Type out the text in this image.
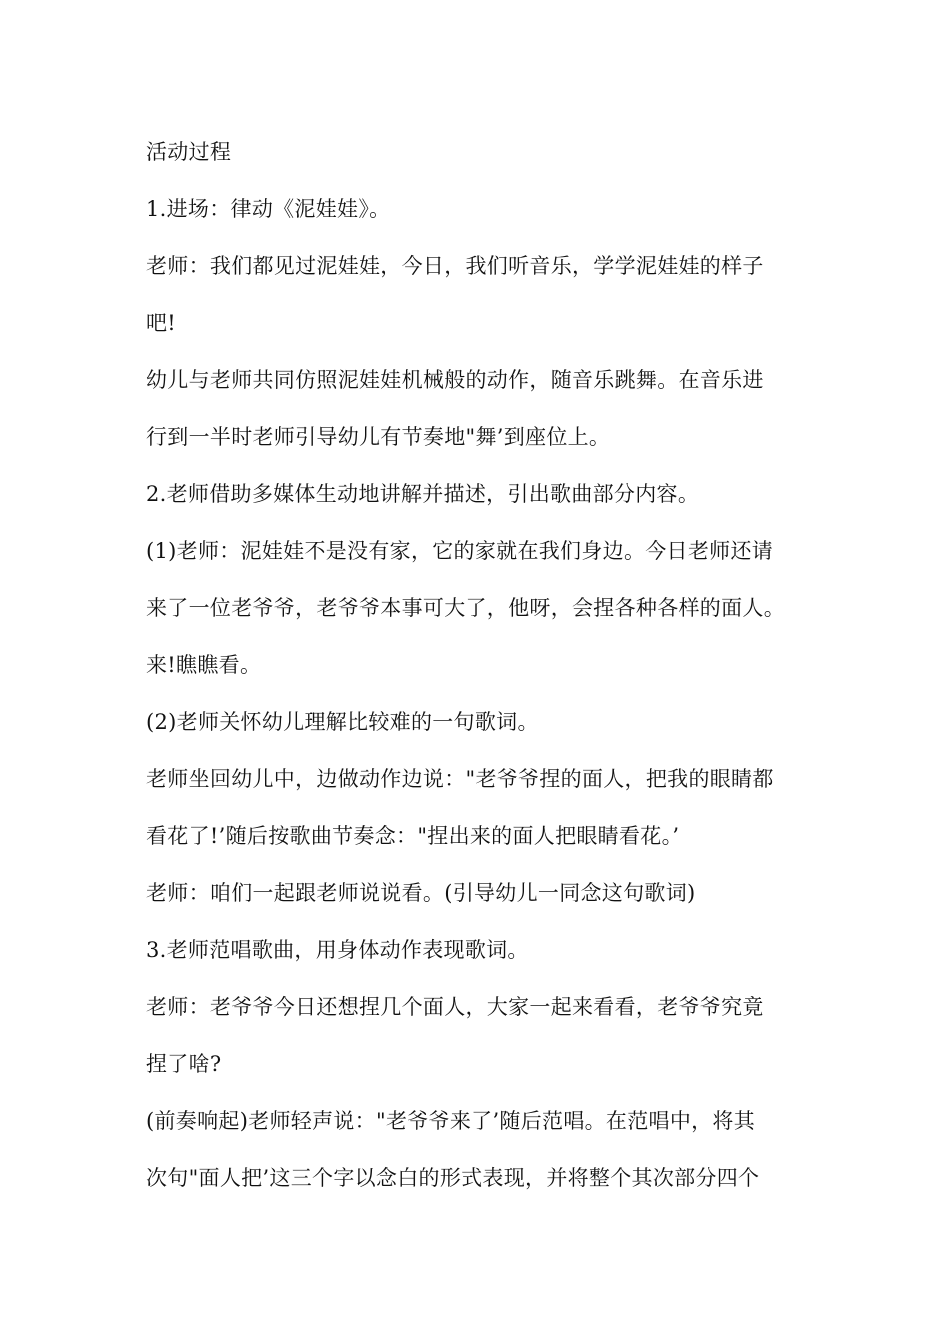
活动过程
1.进场：律动《泥娃娃》。
老师：我们都见过泥娃娃，今日，我们听音乐，学学泥娃娃的样子
吧!
幼儿与老师共同仿照泥娃娃机械般的动作，随音乐跳舞。在音乐进
行到一半时老师引导幼儿有节奏地"舞’到座位上。
2.老师借助多媒体生动地讲解并描述，引出歌曲部分内容。
(1)老师：泥娃娃不是没有家，它的家就在我们身边。今日老师还请
来了一位老爷爷，老爷爷本事可大了，他呀，会捏各种各样的面人。
来!瞧瞧看。
(2)老师关怀幼儿理解比较难的一句歌词。
老师坐回幼儿中，边做动作边说："老爷爷捏的面人，把我的眼睛都
看花了!’随后按歌曲节奏念："捏出来的面人把眼睛看花。’
老师：咱们一起跟老师说说看。(引导幼儿一同念这句歌词)
3.老师范唱歌曲，用身体动作表现歌词。
老师：老爷爷今日还想捏几个面人，大家一起来看看，老爷爷究竟
捏了啥?
(前奏响起)老师轻声说："老爷爷来了’随后范唱。在范唱中，将其
次句"面人把’这三个字以念白的形式表现，并将整个其次部分四个
